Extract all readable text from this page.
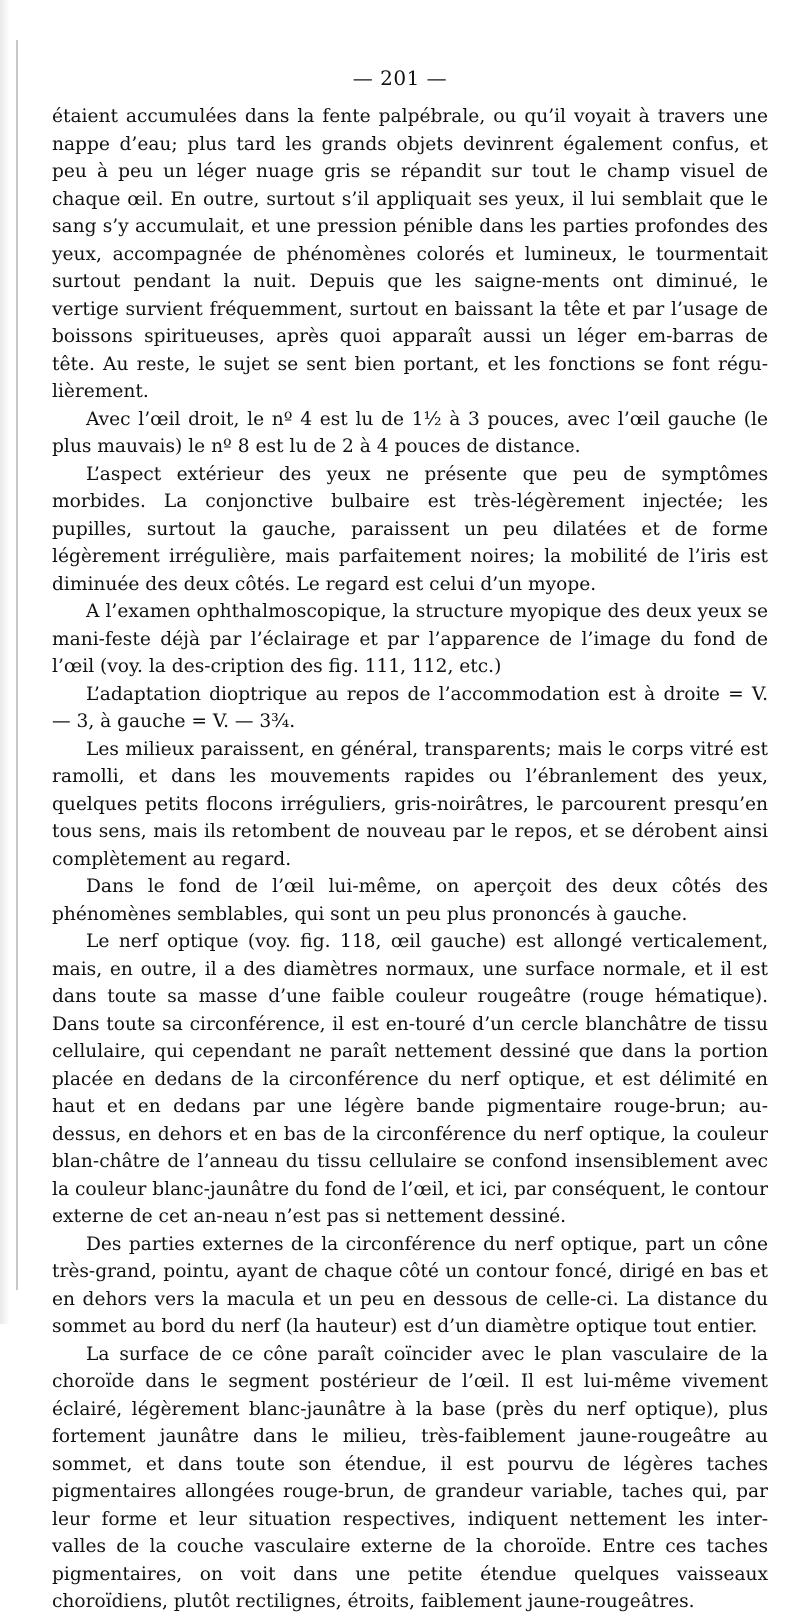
— 201 —

étaient accumulées dans la fente palpébrale, ou qu’il voyait à travers une nappe d’eau; plus tard les grands objets devinrent également confus, et peu à peu un léger nuage gris se répandit sur tout le champ visuel de chaque œil. En outre, surtout s’il appliquait ses yeux, il lui semblait que le sang s’y accumulait, et une pression pénible dans les parties profondes des yeux, accompagnée de phénomènes colorés et lumineux, le tourmentait surtout pendant la nuit. Depuis que les saigne-ments ont diminué, le vertige survient fréquemment, surtout en baissant la tête et par l’usage de boissons spiritueuses, après quoi apparaît aussi un léger em-barras de tête. Au reste, le sujet se sent bien portant, et les fonctions se font régu-lièrement.

Avec l’œil droit, le nº 4 est lu de 1½ à 3 pouces, avec l’œil gauche (le plus mauvais) le nº 8 est lu de 2 à 4 pouces de distance.

L’aspect extérieur des yeux ne présente que peu de symptômes morbides. La conjonctive bulbaire est très-légèrement injectée; les pupilles, surtout la gauche, paraissent un peu dilatées et de forme légèrement irrégulière, mais parfaitement noires; la mobilité de l’iris est diminuée des deux côtés. Le regard est celui d’un myope.

A l’examen ophthalmoscopique, la structure myopique des deux yeux se mani-feste déjà par l’éclairage et par l’apparence de l’image du fond de l’œil (voy. la des-cription des fig. 111, 112, etc.)

L’adaptation dioptrique au repos de l’accommodation est à droite = V. — 3, à gauche = V. — 3¾.

Les milieux paraissent, en général, transparents; mais le corps vitré est ramolli, et dans les mouvements rapides ou l’ébranlement des yeux, quelques petits flocons irréguliers, gris-noirâtres, le parcourent presqu’en tous sens, mais ils retombent de nouveau par le repos, et se dérobent ainsi complètement au regard.

Dans le fond de l’œil lui-même, on aperçoit des deux côtés des phénomènes semblables, qui sont un peu plus prononcés à gauche.

Le nerf optique (voy. fig. 118, œil gauche) est allongé verticalement, mais, en outre, il a des diamètres normaux, une surface normale, et il est dans toute sa masse d’une faible couleur rougeâtre (rouge hématique). Dans toute sa circonférence, il est en-touré d’un cercle blanchâtre de tissu cellulaire, qui cependant ne paraît nettement dessiné que dans la portion placée en dedans de la circonférence du nerf optique, et est délimité en haut et en dedans par une légère bande pigmentaire rouge-brun; au-dessus, en dehors et en bas de la circonférence du nerf optique, la couleur blan-châtre de l’anneau du tissu cellulaire se confond insensiblement avec la couleur blanc-jaunâtre du fond de l’œil, et ici, par conséquent, le contour externe de cet an-neau n’est pas si nettement dessiné.

Des parties externes de la circonférence du nerf optique, part un cône très-grand, pointu, ayant de chaque côté un contour foncé, dirigé en bas et en dehors vers la macula et un peu en dessous de celle-ci. La distance du sommet au bord du nerf (la hauteur) est d’un diamètre optique tout entier.

La surface de ce cône paraît coïncider avec le plan vasculaire de la choroïde dans le segment postérieur de l’œil. Il est lui-même vivement éclairé, légèrement blanc-jaunâtre à la base (près du nerf optique), plus fortement jaunâtre dans le milieu, très-faiblement jaune-rougeâtre au sommet, et dans toute son étendue, il est pourvu de légères taches pigmentaires allongées rouge-brun, de grandeur variable, taches qui, par leur forme et leur situation respectives, indiquent nettement les inter-valles de la couche vasculaire externe de la choroïde. Entre ces taches pigmentaires, on voit dans une petite étendue quelques vaisseaux choroïdiens, plutôt rectilignes, étroits, faiblement jaune-rougeâtres.
